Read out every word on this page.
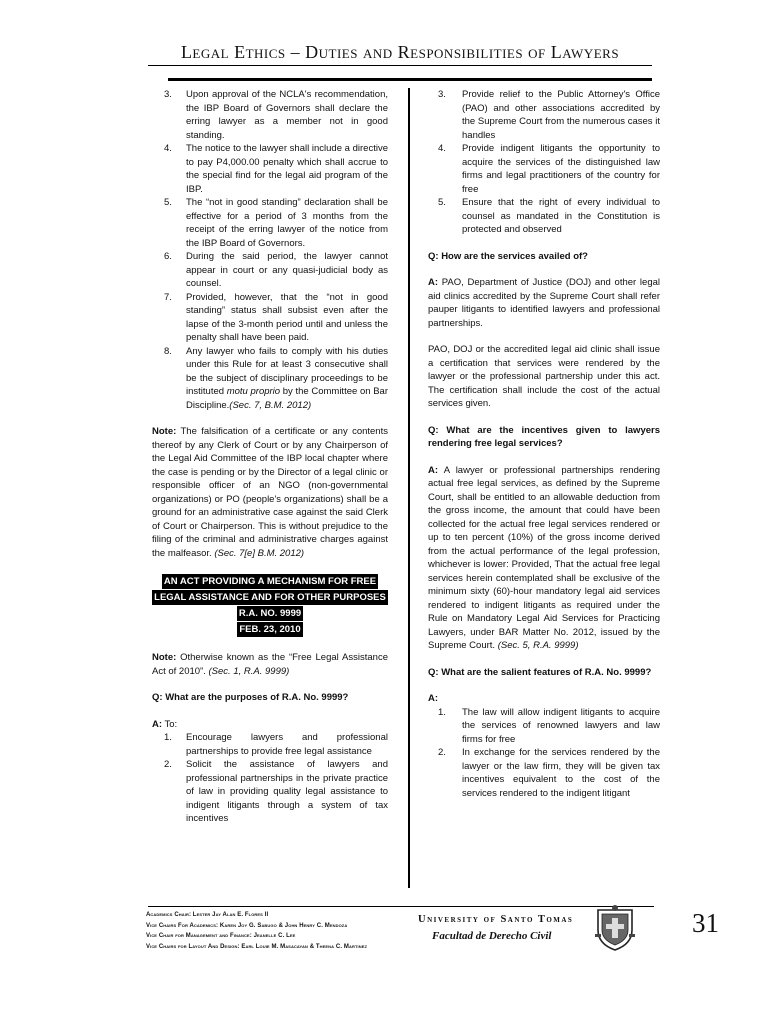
Legal Ethics – Duties and Responsibilities of Lawyers
3.	Upon approval of the NCLA's recommendation, the IBP Board of Governors shall declare the erring lawyer as a member not in good standing.
4.	The notice to the lawyer shall include a directive to pay P4,000.00 penalty which shall accrue to the special find for the legal aid program of the IBP.
5.	The “not in good standing” declaration shall be effective for a period of 3 months from the receipt of the erring lawyer of the notice from the IBP Board of Governors.
6.	During the said period, the lawyer cannot appear in court or any quasi-judicial body as counsel.
7.	Provided, however, that the “not in good standing” status shall subsist even after the lapse of the 3-month period until and unless the penalty shall have been paid.
8.	Any lawyer who fails to comply with his duties under this Rule for at least 3 consecutive shall be the subject of disciplinary proceedings to be instituted motu proprio by the Committee on Bar Discipline.(Sec. 7, B.M. 2012)

Note: The falsification of a certificate or any contents thereof by any Clerk of Court or by any Chairperson of the Legal Aid Committee of the IBP local chapter where the case is pending or by the Director of a legal clinic or responsible officer of an NGO (non-governmental organizations) or PO (people's organizations) shall be a ground for an administrative case against the said Clerk of Court or Chairperson. This is without prejudice to the filing of the criminal and administrative charges against the malfeasor. (Sec. 7[e] B.M. 2012)

AN ACT PROVIDING A MECHANISM FOR FREE
LEGAL ASSISTANCE AND FOR OTHER PURPOSES
R.A. NO. 9999
FEB. 23, 2010

Note: Otherwise known as the “Free Legal Assistance Act of 2010”. (Sec. 1, R.A. 9999)

Q: What are the purposes of R.A. No. 9999?

A: To:

1.	Encourage lawyers and professional partnerships to provide free legal assistance
2.	Solicit the assistance of lawyers and professional partnerships in the private practice of law in providing quality legal assistance to indigent litigants through a system of tax incentives
3.	Provide relief to the Public Attorney's Office (PAO) and other associations accredited by the Supreme Court from the numerous cases it handles
4.	Provide indigent litigants the opportunity to acquire the services of the distinguished law firms and legal practitioners of the country for free
5.	Ensure that the right of every individual to counsel as mandated in the Constitution is protected and observed

Q: How are the services availed of?

A: PAO, Department of Justice (DOJ) and other legal aid clinics accredited by the Supreme Court shall refer pauper litigants to identified lawyers and professional partnerships.

PAO, DOJ or the accredited legal aid clinic shall issue a certification that services were rendered by the lawyer or the professional partnership under this act. The certification shall include the cost of the actual services given.

Q: What are the incentives given to lawyers rendering free legal services?

A: A lawyer or professional partnerships rendering actual free legal services, as defined by the Supreme Court, shall be entitled to an allowable deduction from the gross income, the amount that could have been collected for the actual free legal services rendered or up to ten percent (10%) of the gross income derived from the actual performance of the legal profession, whichever is lower: Provided, That the actual free legal services herein contemplated shall be exclusive of the minimum sixty (60)-hour mandatory legal aid services rendered to indigent litigants as required under the Rule on Mandatory Legal Aid Services for Practicing Lawyers, under BAR Matter No. 2012, issued by the Supreme Court. (Sec. 5, R.A. 9999)

Q: What are the salient features of R.A. No. 9999?

A:

1.	The law will allow indigent litigants to acquire the services of renowned lawyers and law firms for free
2.	In exchange for the services rendered by the lawyer or the law firm, they will be given tax incentives equivalent to the cost of the services rendered to the indigent litigant
Academics Chair: Lester Jay Alan E. Flores II
Vice Chairs For Academics: Karen Joy G. Sabugo & John Henry C. Mendoza
Vice Chair for Management and Finance: Jeanelle C. Lee
Vice Chairs for Layout And Design: Earl Louie M. Masacayan & Theena C. Martinez
University of Santo Tomas
Facultad de Derecho Civil	31
